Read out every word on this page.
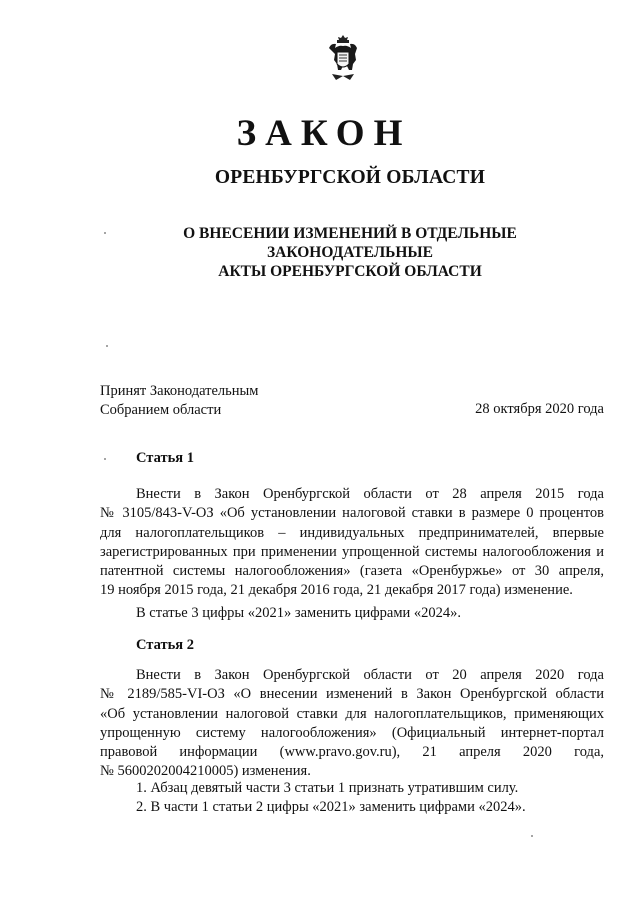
ЗАКОН
ОРЕНБУРГСКОЙ ОБЛАСТИ
О ВНЕСЕНИИ ИЗМЕНЕНИЙ В ОТДЕЛЬНЫЕ ЗАКОНОДАТЕЛЬНЫЕ
АКТЫ ОРЕНБУРГСКОЙ ОБЛАСТИ
Принят Законодательным
Собранием области	28 октября 2020 года
Статья 1
Внести в Закон Оренбургской области от 28 апреля 2015 года
№ 3105/843-V-ОЗ «Об установлении налоговой ставки в размере 0 процентов
для налогоплательщиков – индивидуальных предпринимателей, впервые
зарегистрированных при применении упрощенной системы налогообложения и
патентной системы налогообложения» (газета «Оренбуржье» от 30 апреля,
19 ноября 2015 года, 21 декабря 2016 года, 21 декабря 2017 года) изменение.
В статье 3 цифры «2021» заменить цифрами «2024».
Статья 2
Внести в Закон Оренбургской области от 20 апреля 2020 года
№ 2189/585-VI-ОЗ «О внесении изменений в Закон Оренбургской области
«Об установлении налоговой ставки для налогоплательщиков, применяющих
упрощенную систему налогообложения» (Официальный интернет-портал
правовой информации (www.pravo.gov.ru), 21 апреля 2020 года,
№ 5600202004210005) изменения.
1. Абзац девятый части 3 статьи 1 признать утратившим силу.
2. В части 1 статьи 2 цифры «2021» заменить цифрами «2024».
